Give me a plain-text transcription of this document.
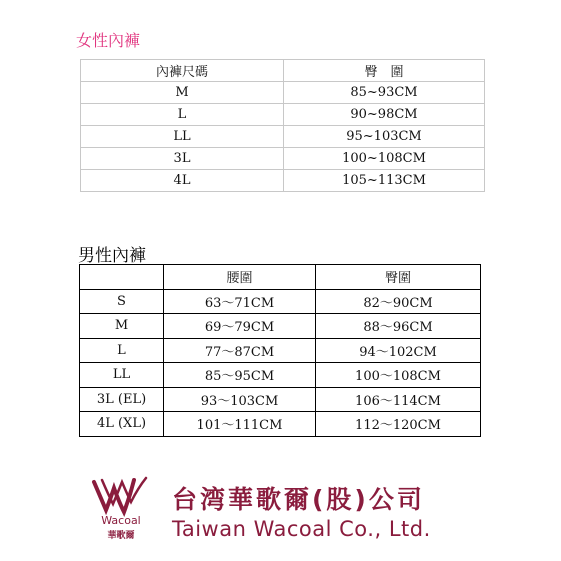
女性內褲
內褲尺碼	臀　圍
M	85~93CM
L	90~98CM
LL	95~103CM
3L	100~108CM
4L	105~113CM
男性內褲
	腰圍	臀圍
S	63～71CM	82～90CM
M	69～79CM	88～96CM
L	77～87CM	94～102CM
LL	85～95CM	100～108CM
3L (EL)	93～103CM	106～114CM
4L (XL)	101～111CM	112～120CM
Wacoal
華歌爾
台湾華歌爾(股)公司
Taiwan Wacoal Co., Ltd.
